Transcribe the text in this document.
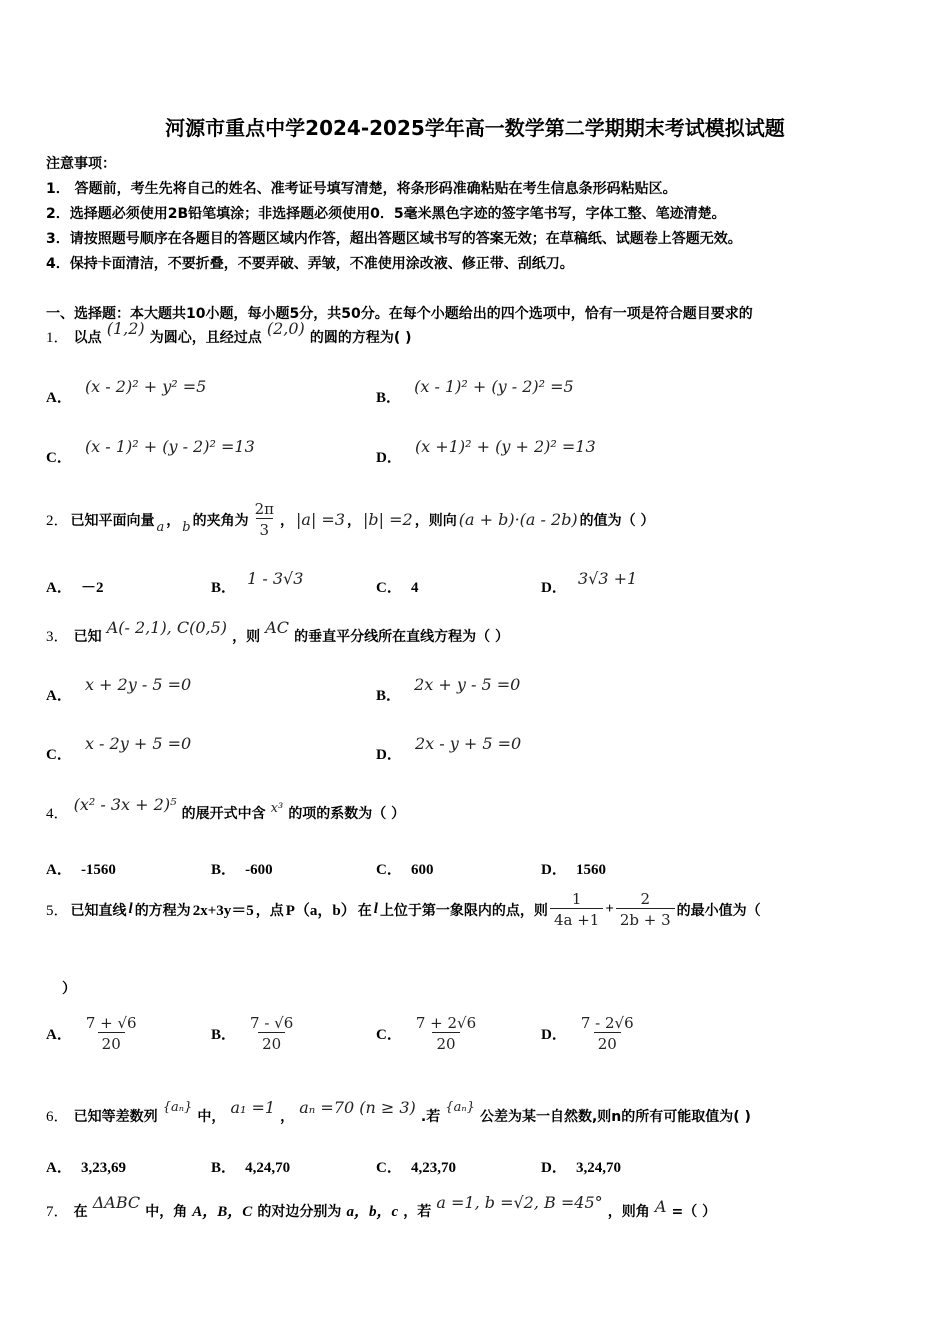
河源市重点中学2024-2025学年高一数学第二学期期末考试模拟试题
注意事项：
1． 答题前，考生先将自己的姓名、准考证号填写清楚，将条形码准确粘贴在考生信息条形码粘贴区。
2．选择题必须使用2B铅笔填涂；非选择题必须使用0．5毫米黑色字迹的签字笔书写，字体工整、笔迹清楚。
3．请按照题号顺序在各题目的答题区域内作答，超出答题区域书写的答案无效；在草稿纸、试题卷上答题无效。
4．保持卡面清洁，不要折叠，不要弄破、弄皱，不准使用涂改液、修正带、刮纸刀。
一、选择题：本大题共10小题，每小题5分，共50分。在每个小题给出的四个选项中，恰有一项是符合题目要求的
1． 以点 (1,2) 为圆心，且经过点 (2,0) 的圆的方程为( )
A． (x - 2)² + y² =5
B． (x - 1)² + (y - 2)² =5
C． (x - 1)² + (y - 2)² =13
D． (x +1)² + (y + 2)² =13
2． 已知平面向量 a ， b 的夹角为 $\frac{2\pi}{3}$ ， |a| =3 ， |b| =2 ，则向 (a + b)·(a - 2b) 的值为（ ）
A． －2	B． 1 - 3√3	C． 4	D． 3√3 +1
3． 已知 A(- 2,1), C(0,5) ，则 AC 的垂直平分线所在直线方程为（ ）
A． x + 2y - 5 =0
B． 2x + y - 5 =0
C． x - 2y + 5 =0
D． 2x - y + 5 =0
4． (x² - 3x + 2)⁵ 的展开式中含 $^{x^3}$ 的项的系数为（ ）
A． -1560	B． -600	C． 600	D． 1560
5． 已知直线 l 的方程为 2x+3y＝5 ，点 P（a，b） 在 l 上位于第一象限内的点，则 $\frac{1}{4a +1} + \frac{2}{2b + 3}$ 的最小值为（
）
A． $\frac{7 + √6}{20}$	B． $\frac{7 - √6}{20}$	C． $\frac{7 + 2√6}{20}$	D． $\frac{7 - 2√6}{20}$
6． 已知等差数列 $^{\{a_n\}}$ 中， a₁ =1 ， aₙ =70 (n ≥ 3) .若 $^{\{a_n\}}$ 公差为某一自然数,则n的所有可能取值为( )
A． 3,23,69	B． 4,24,70	C． 4,23,70	D． 3,24,70
7． 在 ΔABC 中，角 A，B，C 的对边分别为 a，b，c ，若 a =1, b =√2, B =45° ，则角 A =（ ）
